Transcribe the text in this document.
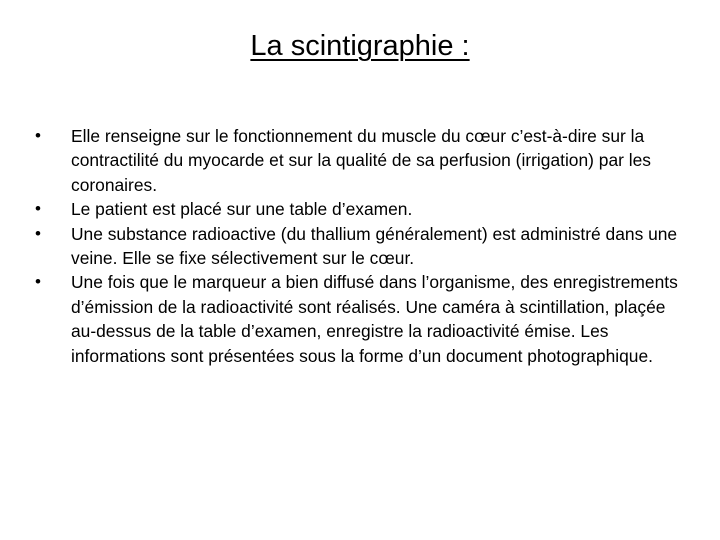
La scintigraphie :
• Elle renseigne sur le fonctionnement du muscle du cœur c’est-à-dire sur la contractilité du myocarde et sur la qualité de sa perfusion (irrigation) par les coronaires.
• Le patient est placé sur une table d’examen.
• Une substance radioactive (du thallium généralement) est administré dans une veine. Elle se fixe sélectivement sur le cœur.
• Une fois que le marqueur a bien diffusé dans l’organisme, des enregistrements d’émission de la radioactivité sont réalisés. Une caméra à scintillation, plaçée au-dessus de la table d’examen, enregistre la radioactivité émise. Les informations sont présentées sous la forme d’un document photographique.
